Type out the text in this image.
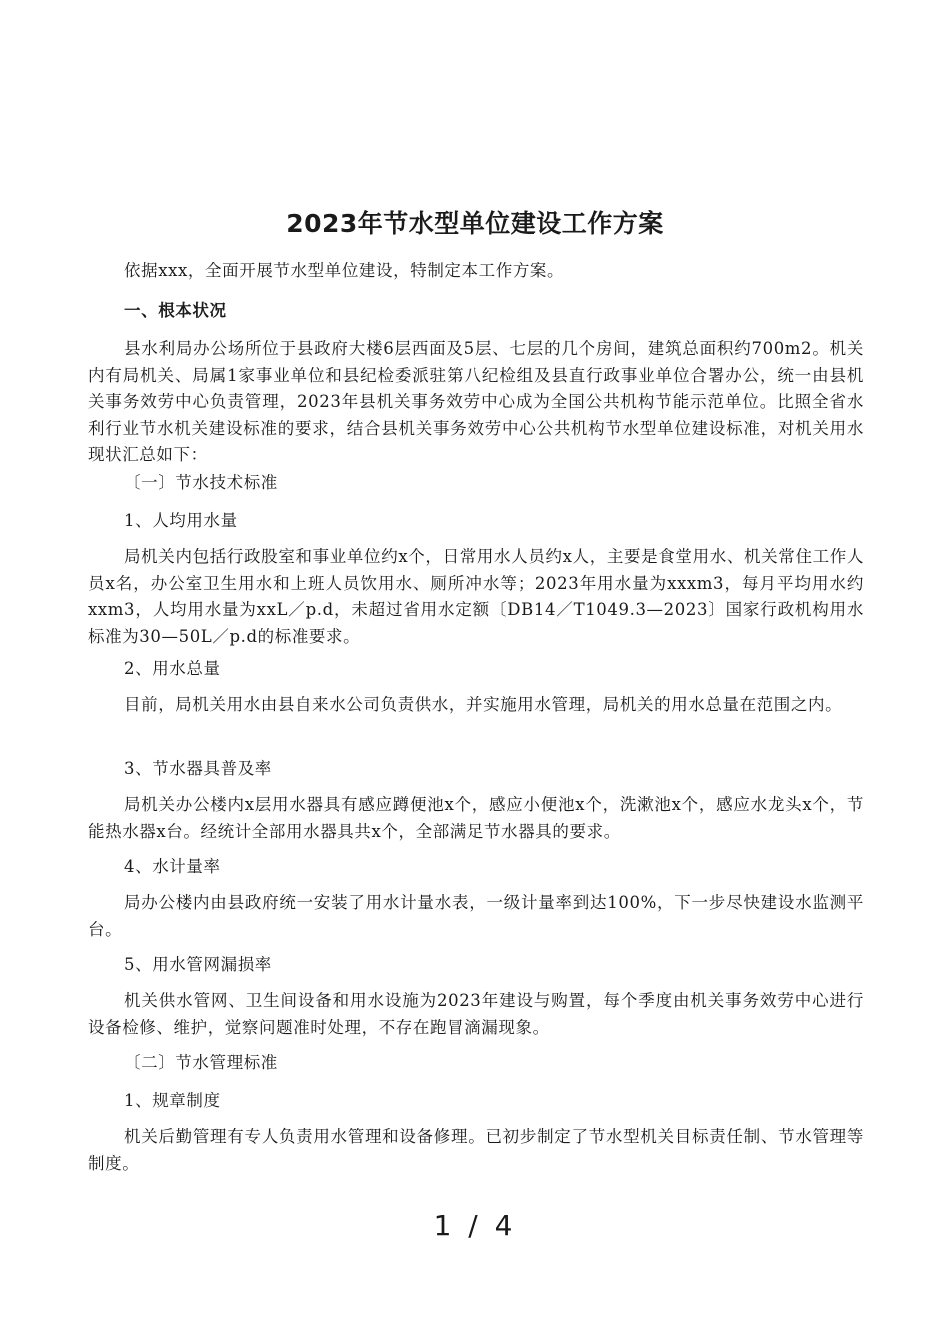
2023年节水型单位建设工作方案

依据xxx，全面开展节水型单位建设，特制定本工作方案。

一、根本状况

县水利局办公场所位于县政府大楼6层西面及5层、七层的几个房间，建筑总面积约700m2。机关内有局机关、局属1家事业单位和县纪检委派驻第八纪检组及县直行政事业单位合署办公，统一由县机关事务效劳中心负责管理，2023年县机关事务效劳中心成为全国公共机构节能示范单位。比照全省水利行业节水机关建设标准的要求，结合县机关事务效劳中心公共机构节水型单位建设标准，对机关用水现状汇总如下：

〔一〕节水技术标准

1、人均用水量

局机关内包括行政股室和事业单位约x个，日常用水人员约x人，主要是食堂用水、机关常住工作人员x名，办公室卫生用水和上班人员饮用水、厕所冲水等；2023年用水量为xxxm3，每月平均用水约xxm3，人均用水量为xxL／p.d，未超过省用水定额〔DB14／T1049.3—2023〕国家行政机构用水标准为30—50L／p.d的标准要求。

2、用水总量

目前，局机关用水由县自来水公司负责供水，并实施用水管理，局机关的用水总量在范围之内。

3、节水器具普及率

局机关办公楼内x层用水器具有感应蹲便池x个，感应小便池x个，洗漱池x个，感应水龙头x个，节能热水器x台。经统计全部用水器具共x个，全部满足节水器具的要求。

4、水计量率

局办公楼内由县政府统一安装了用水计量水表，一级计量率到达100%，下一步尽快建设水监测平台。

5、用水管网漏损率

机关供水管网、卫生间设备和用水设施为2023年建设与购置，每个季度由机关事务效劳中心进行设备检修、维护，觉察问题准时处理，不存在跑冒滴漏现象。

〔二〕节水管理标准

1、规章制度

机关后勤管理有专人负责用水管理和设备修理。已初步制定了节水型机关目标责任制、节水管理等制度。

1 / 4
